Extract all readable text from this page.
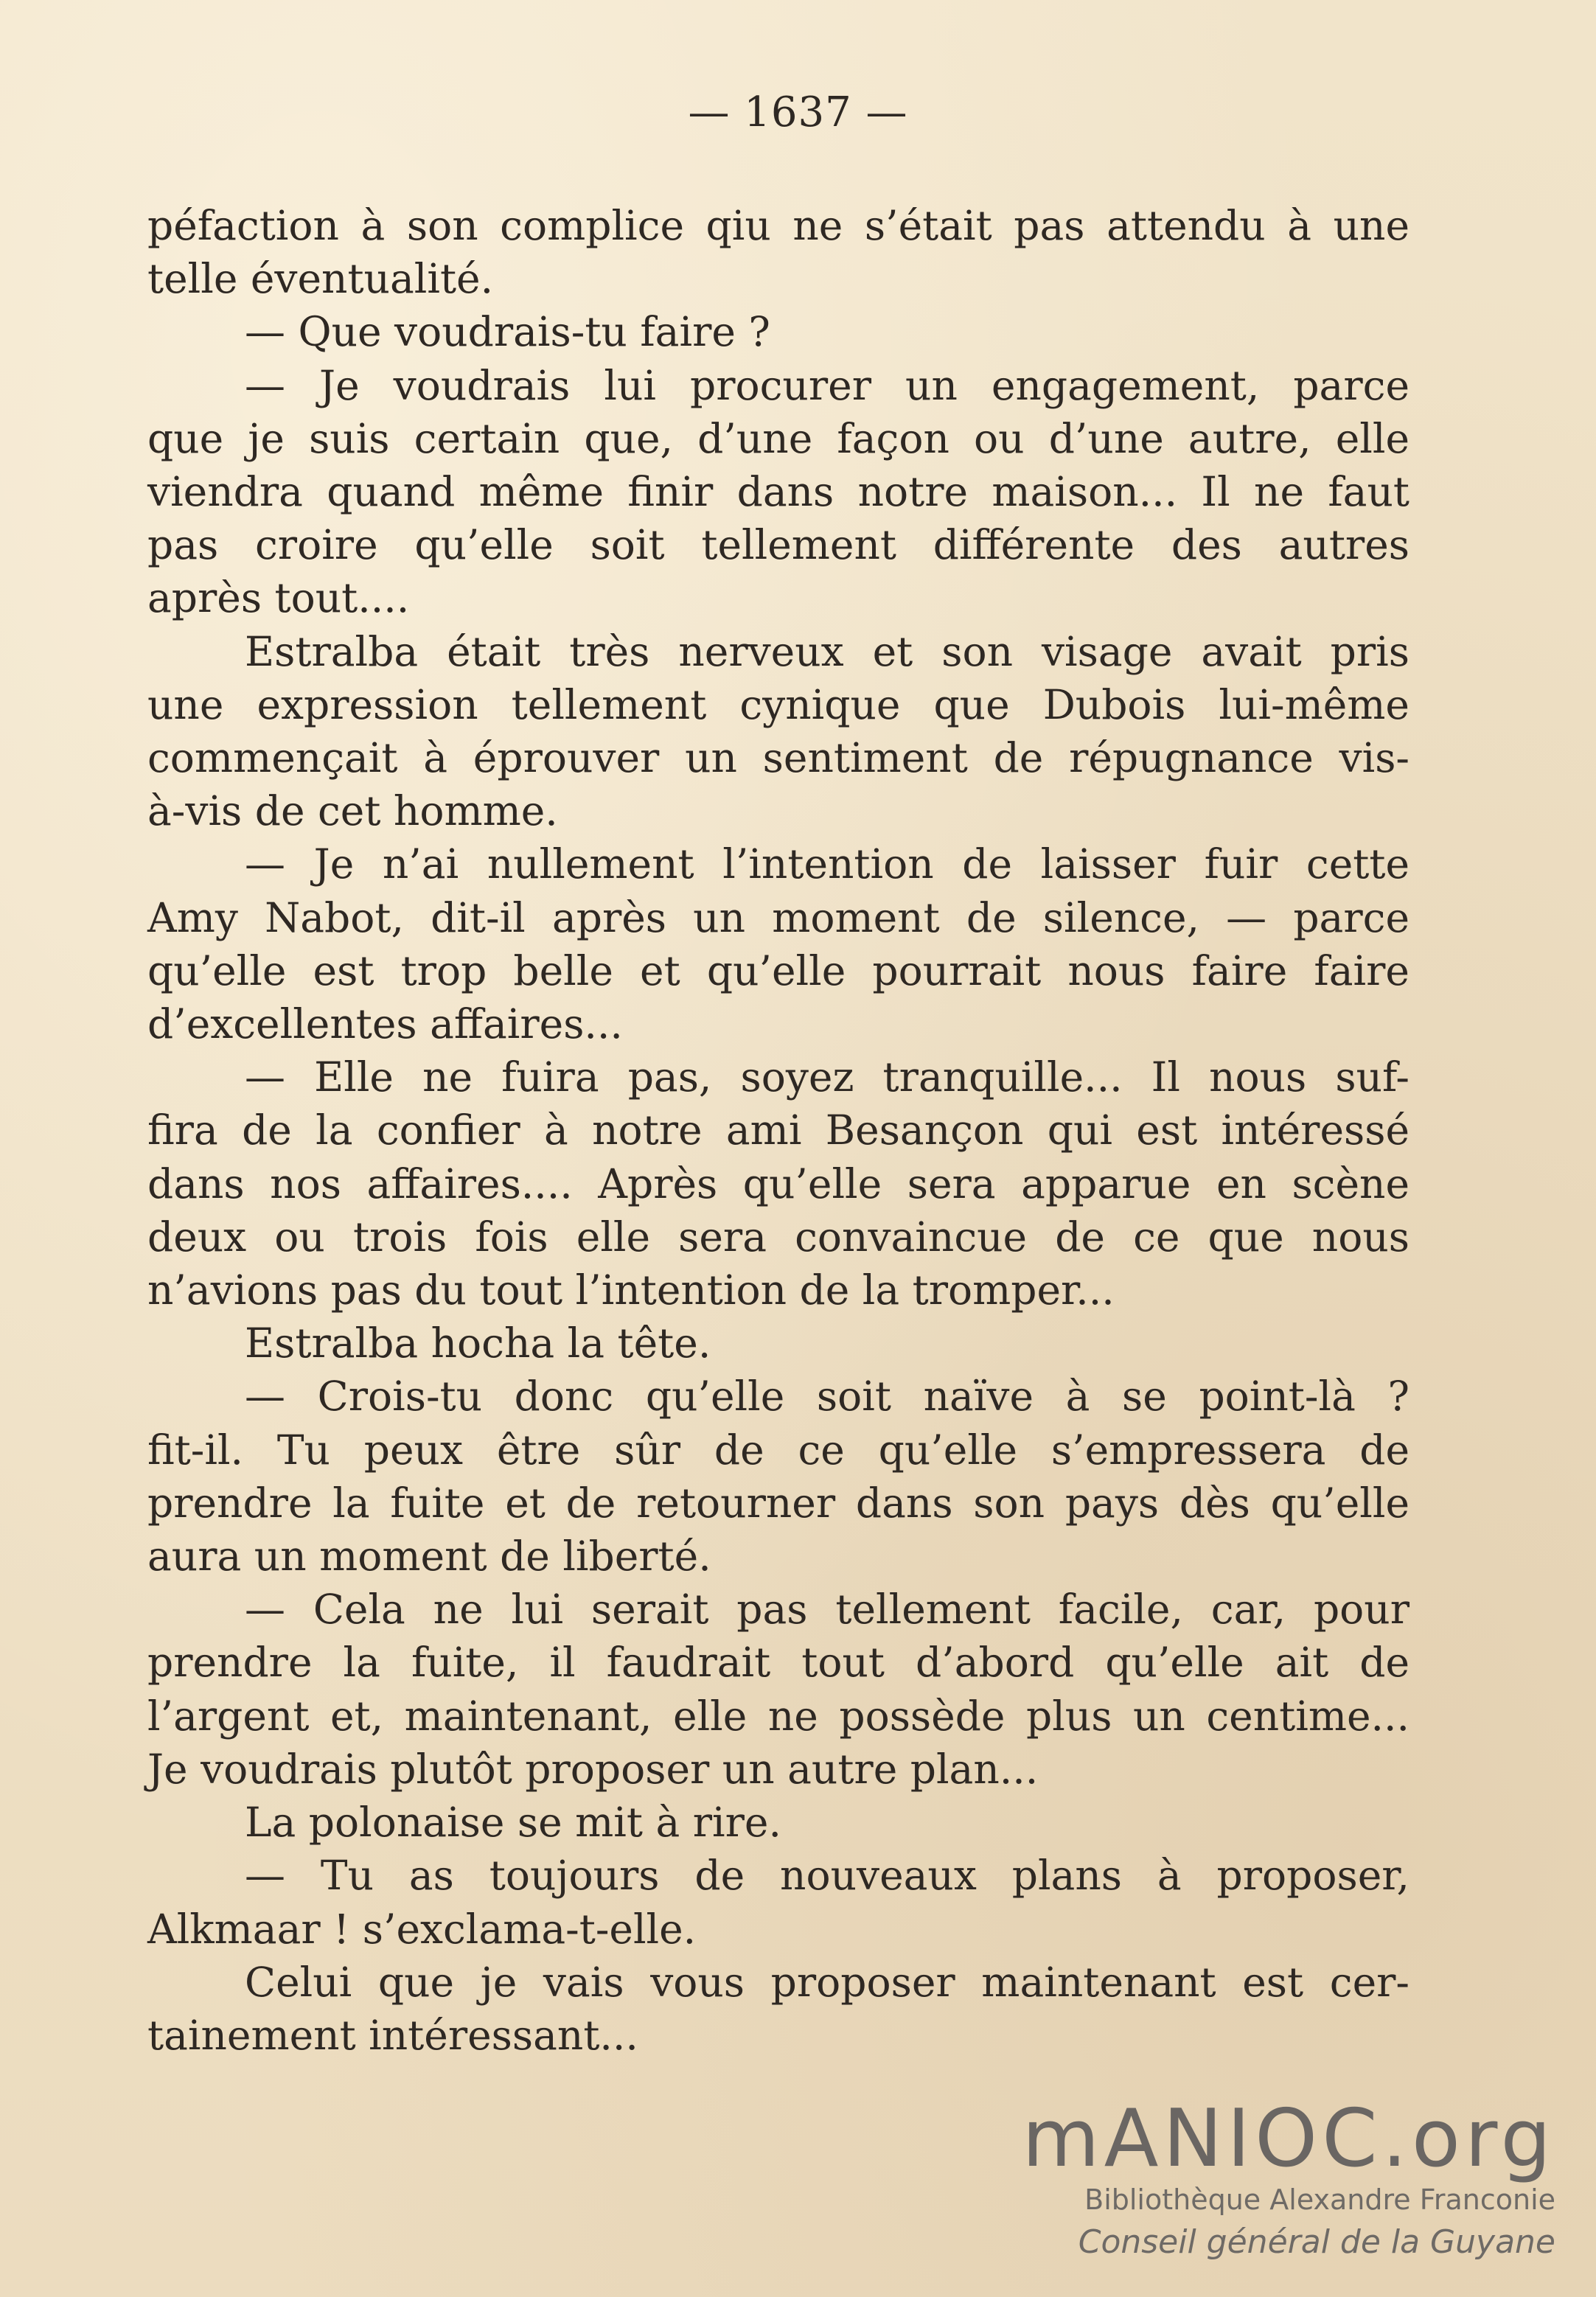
— 1637 —
péfaction à son complice qiu ne s’était pas attendu à une
telle éventualité.
— Que voudrais-tu faire ?
— Je voudrais lui procurer un engagement, parce
que je suis certain que, d’une façon ou d’une autre, elle
viendra quand même finir dans notre maison... Il ne faut
pas croire qu’elle soit tellement différente des autres
après tout....
Estralba était très nerveux et son visage avait pris
une expression tellement cynique que Dubois lui-même
commençait à éprouver un sentiment de répugnance vis-
à-vis de cet homme.
— Je n’ai nullement l’intention de laisser fuir cette
Amy Nabot, dit-il après un moment de silence, — parce
qu’elle est trop belle et qu’elle pourrait nous faire faire
d’excellentes affaires...
— Elle ne fuira pas, soyez tranquille... Il nous suf-
fira de la confier à notre ami Besançon qui est intéressé
dans nos affaires.... Après qu’elle sera apparue en scène
deux ou trois fois elle sera convaincue de ce que nous
n’avions pas du tout l’intention de la tromper...
Estralba hocha la tête.
— Crois-tu donc qu’elle soit naïve à se point-là ?
fit-il. Tu peux être sûr de ce qu’elle s’empressera de
prendre la fuite et de retourner dans son pays dès qu’elle
aura un moment de liberté.
— Cela ne lui serait pas tellement facile, car, pour
prendre la fuite, il faudrait tout d’abord qu’elle ait de
l’argent et, maintenant, elle ne possède plus un centime...
Je voudrais plutôt proposer un autre plan...
La polonaise se mit à rire.
— Tu as toujours de nouveaux plans à proposer,
Alkmaar ! s’exclama-t-elle.
Celui que je vais vous proposer maintenant est cer-
tainement intéressant...
mANIOC.org
Bibliothèque Alexandre Franconie
Conseil général de la Guyane
